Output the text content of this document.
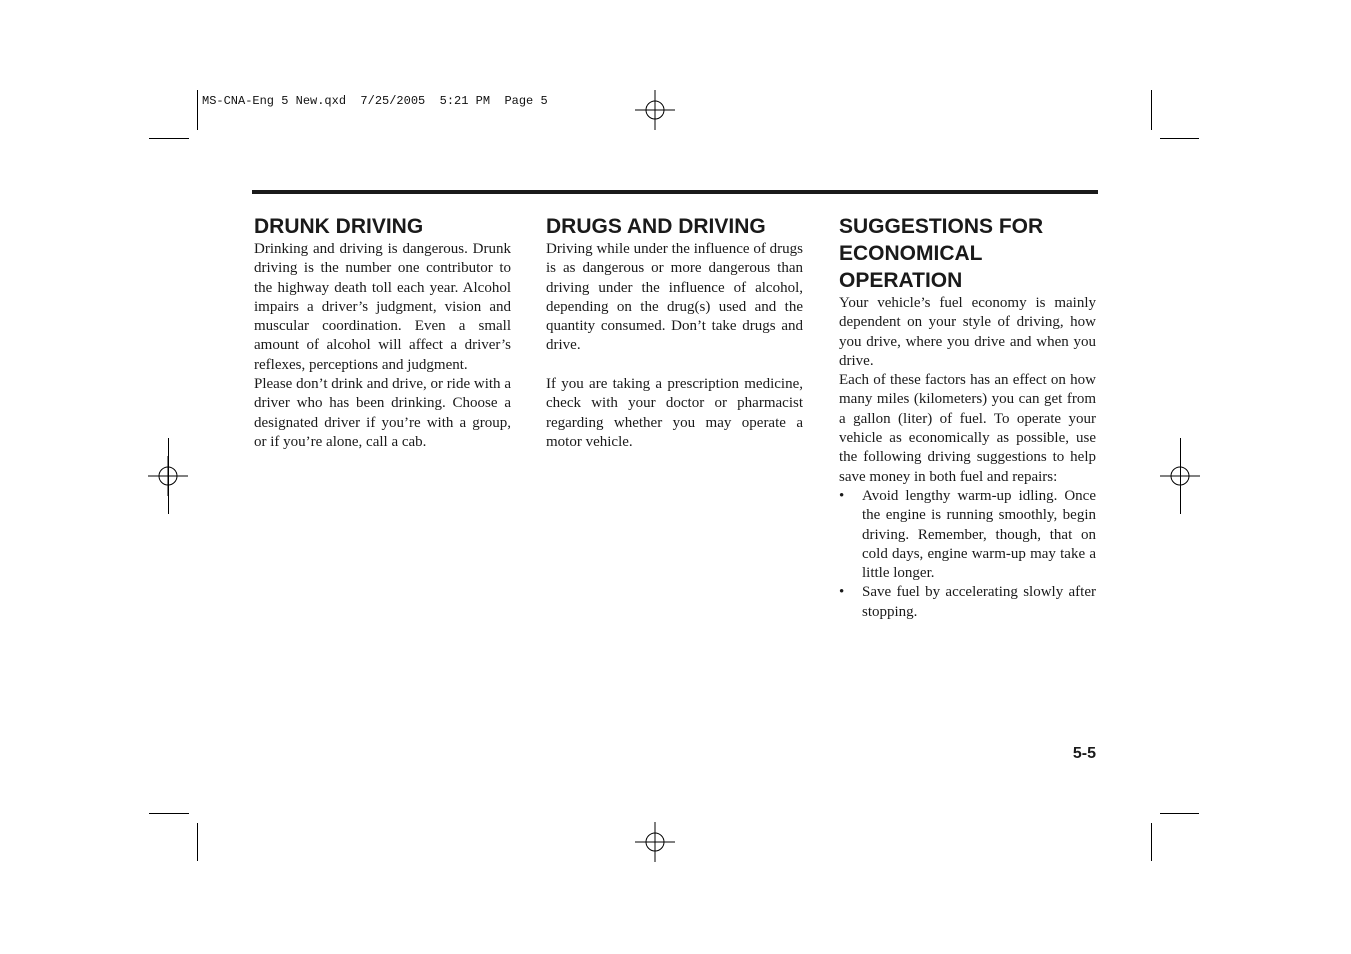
MS-CNA-Eng 5 New.qxd  7/25/2005  5:21 PM  Page 5
DRUNK DRIVING

Drinking and driving is dangerous. Drunk driving is the number one contributor to the highway death toll each year. Alcohol impairs a driver’s judgment, vision and muscular coordination. Even a small amount of alcohol will affect a driver’s reflexes, perceptions and judgment.

Please don’t drink and drive, or ride with a driver who has been drinking. Choose a designated driver if you’re with a group, or if you’re alone, call a cab.

DRUGS AND DRIVING

Driving while under the influence of drugs is as dangerous or more dangerous than driving under the influence of alcohol, depending on the drug(s) used and the quantity consumed. Don’t take drugs and drive.

If you are taking a prescription medicine, check with your doctor or pharmacist regarding whether you may operate a motor vehicle.

SUGGESTIONS FOR
ECONOMICAL
OPERATION

Your vehicle’s fuel economy is mainly dependent on your style of driving, how you drive, where you drive and when you drive.

Each of these factors has an effect on how many miles (kilometers) you can get from a gallon (liter) of fuel. To operate your vehicle as economically as possible, use the following driving suggestions to help save money in both fuel and repairs:

•	Avoid lengthy warm-up idling. Once the engine is running smoothly, begin driving. Remember, though, that on cold days, engine warm-up may take a little longer.
•	Save fuel by accelerating slowly after stopping.
5-5
